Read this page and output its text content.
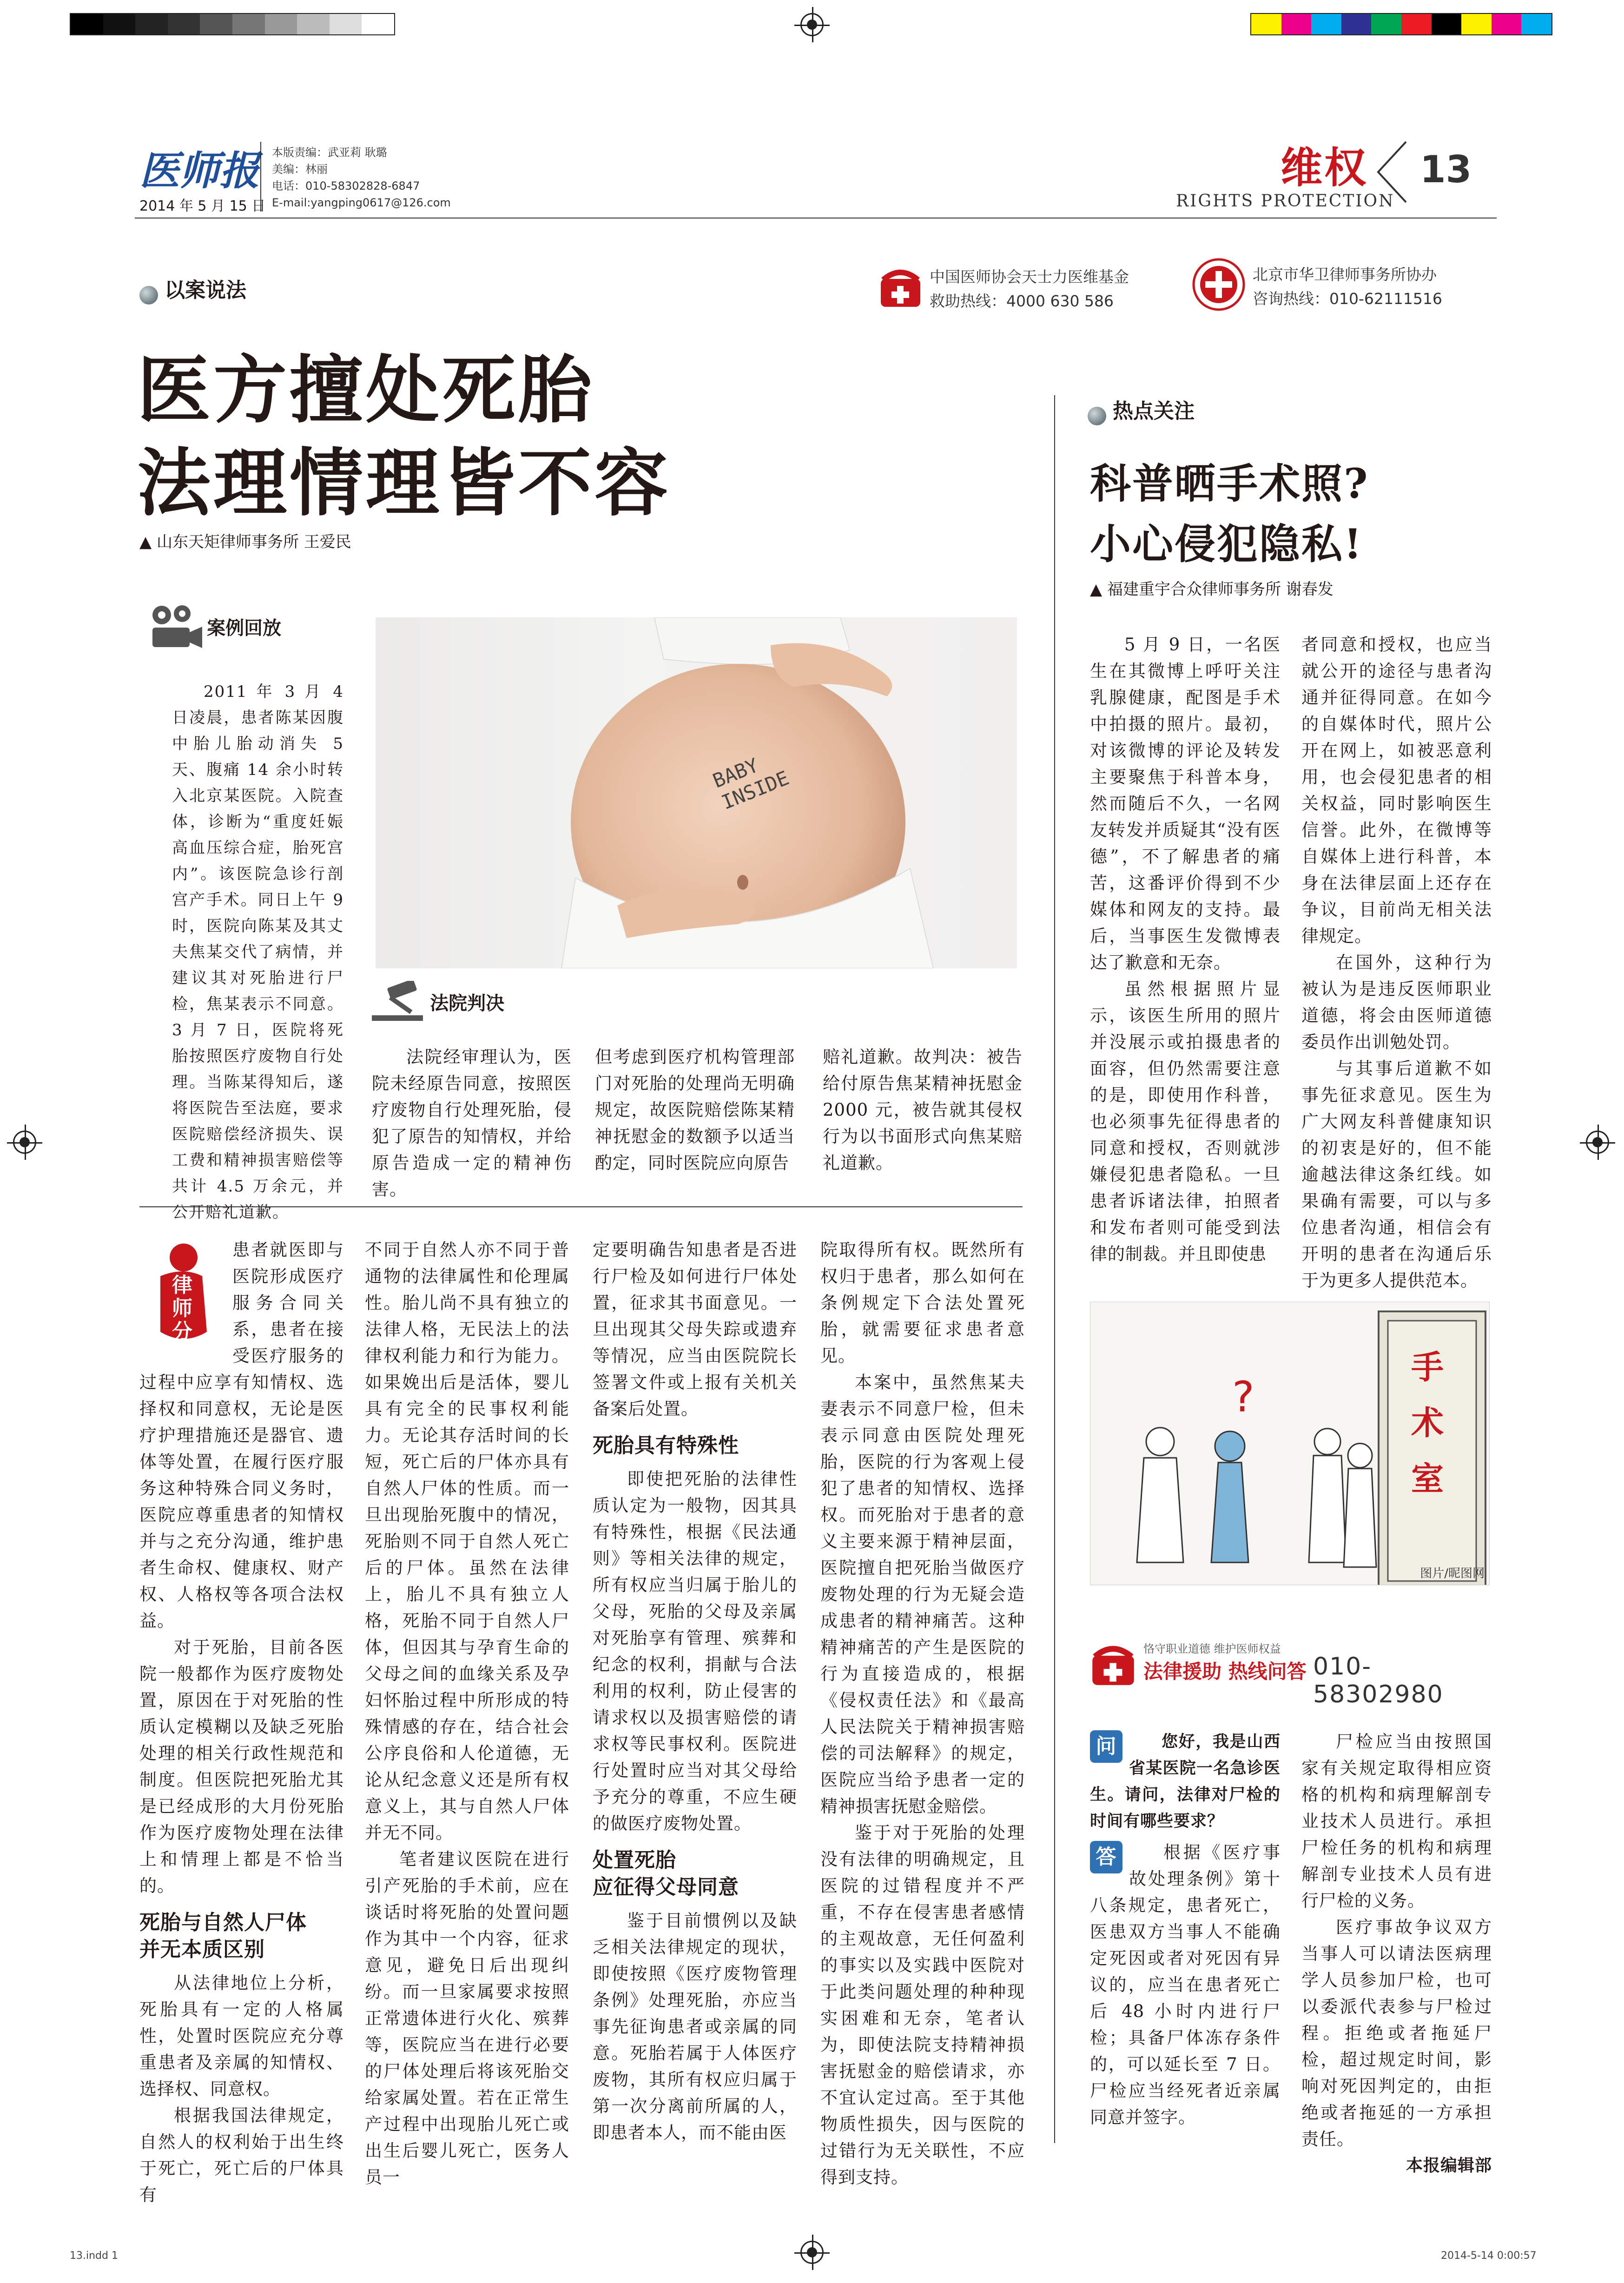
医师报
2014 年 5 月 15 日
本版责编：武亚莉 耿璐
美编：林丽
电话：010-58302828-6847
E-mail:yangping0617@126.com
维权 13
RIGHTS PROTECTION
以案说法
中国医师协会天士力医维基金
救助热线：4000 630 586
北京市华卫律师事务所协办
咨询热线：010-62111516
医方擅处死胎
法理情理皆不容
▲ 山东天矩律师事务所 王爱民
案例回放

2011 年 3 月 4 日凌晨，患者陈某因腹中胎儿胎动消失 5 天、腹痛 14 余小时转入北京某医院。入院查体，诊断为“重度妊娠高血压综合症，胎死宫内”。该医院急诊行剖宫产手术。同日上午 9 时，医院向陈某及其丈夫焦某交代了病情，并建议其对死胎进行尸检，焦某表示不同意。3 月 7 日，医院将死胎按照医疗废物自行处理。当陈某得知后，遂将医院告至法庭，要求医院赔偿经济损失、误工费和精神损害赔偿等共计 4.5 万余元，并公开赔礼道歉。

BABY INSIDE
法院判决

法院经审理认为，医院未经原告同意，按照医疗废物自行处理死胎，侵犯了原告的知情权，并给原告造成一定的精神伤害。

但考虑到医疗机构管理部门对死胎的处理尚无明确规定，故医院赔偿陈某精神抚慰金的数额予以适当酌定，同时医院应向原告

赔礼道歉。故判决：被告给付原告焦某精神抚慰金 2000 元，被告就其侵权行为以书面形式向焦某赔礼道歉。

律师分析

患者就医即与医院形成医疗服务合同关系，患者在接受医疗服务的过程中应享有知情权、选择权和同意权，无论是医疗护理措施还是器官、遗体等处置，在履行医疗服务这种特殊合同义务时，医院应尊重患者的知情权并与之充分沟通，维护患者生命权、健康权、财产权、人格权等各项合法权益。

对于死胎，目前各医院一般都作为医疗废物处置，原因在于对死胎的性质认定模糊以及缺乏死胎处理的相关行政性规范和制度。但医院把死胎尤其是已经成形的大月份死胎作为医疗废物处理在法律上和情理上都是不恰当的。

死胎与自然人尸体
并无本质区别

从法律地位上分析，死胎具有一定的人格属性，处置时医院应充分尊重患者及亲属的知情权、选择权、同意权。

根据我国法律规定，自然人的权利始于出生终于死亡，死亡后的尸体具有

不同于自然人亦不同于普通物的法律属性和伦理属性。胎儿尚不具有独立的法律人格，无民法上的法律权利能力和行为能力。如果娩出后是活体，婴儿具有完全的民事权利能力。无论其存活时间的长短，死亡后的尸体亦具有自然人尸体的性质。而一旦出现胎死腹中的情况，死胎则不同于自然人死亡后的尸体。虽然在法律上，胎儿不具有独立人格，死胎不同于自然人尸体，但因其与孕育生命的父母之间的血缘关系及孕妇怀胎过程中所形成的特殊情感的存在，结合社会公序良俗和人伦道德，无论从纪念意义还是所有权意义上，其与自然人尸体并无不同。

笔者建议医院在进行引产死胎的手术前，应在谈话时将死胎的处置问题作为其中一个内容，征求意见，避免日后出现纠纷。而一旦家属要求按照正常遗体进行火化、殡葬等，医院应当在进行必要的尸体处理后将该死胎交给家属处置。若在正常生产过程中出现胎儿死亡或出生后婴儿死亡，医务人员一

定要明确告知患者是否进行尸检及如何进行尸体处置，征求其书面意见。一旦出现其父母失踪或遗弃等情况，应当由医院院长签署文件或上报有关机关备案后处置。

死胎具有特殊性

即使把死胎的法律性质认定为一般物，因其具有特殊性，根据《民法通则》等相关法律的规定，所有权应当归属于胎儿的父母，死胎的父母及亲属对死胎享有管理、殡葬和纪念的权利，捐献与合法利用的权利，防止侵害的请求权以及损害赔偿的请求权等民事权利。医院进行处置时应当对其父母给予充分的尊重，不应生硬的做医疗废物处置。

处置死胎
应征得父母同意

鉴于目前惯例以及缺乏相关法律规定的现状，即使按照《医疗废物管理条例》处理死胎，亦应当事先征询患者或亲属的同意。死胎若属于人体医疗废物，其所有权应归属于第一次分离前所属的人，即患者本人，而不能由医

院取得所有权。既然所有权归于患者，那么如何在条例规定下合法处置死胎，就需要征求患者意见。

本案中，虽然焦某夫妻表示不同意尸检，但未表示同意由医院处理死胎，医院的行为客观上侵犯了患者的知情权、选择权。而死胎对于患者的意义主要来源于精神层面，医院擅自把死胎当做医疗废物处理的行为无疑会造成患者的精神痛苦。这种精神痛苦的产生是医院的行为直接造成的，根据《侵权责任法》和《最高人民法院关于精神损害赔偿的司法解释》的规定，医院应当给予患者一定的精神损害抚慰金赔偿。

鉴于对于死胎的处理没有法律的明确规定，且医院的过错程度并不严重，不存在侵害患者感情的主观故意，无任何盈利的事实以及实践中医院对于此类问题处理的种种现实困难和无奈，笔者认为，即使法院支持精神损害抚慰金的赔偿请求，亦不宜认定过高。至于其他物质性损失，因与医院的过错行为无关联性，不应得到支持。

热点关注
科普晒手术照?
小心侵犯隐私!
▲ 福建重宇合众律师事务所 谢春发

5 月 9 日，一名医生在其微博上呼吁关注乳腺健康，配图是手术中拍摄的照片。最初，对该微博的评论及转发主要聚焦于科普本身，然而随后不久，一名网友转发并质疑其“没有医德”，不了解患者的痛苦，这番评价得到不少媒体和网友的支持。最后，当事医生发微博表达了歉意和无奈。

虽然根据照片显示，该医生所用的照片并没展示或拍摄患者的面容，但仍然需要注意的是，即使用作科普，也必须事先征得患者的同意和授权，否则就涉嫌侵犯患者隐私。一旦患者诉诸法律，拍照者和发布者则可能受到法律的制裁。并且即使患

者同意和授权，也应当就公开的途径与患者沟通并征得同意。在如今的自媒体时代，照片公开在网上，如被恶意利用，也会侵犯患者的相关权益，同时影响医生信誉。此外，在微博等自媒体上进行科普，本身在法律层面上还存在争议，目前尚无相关法律规定。

在国外，这种行为被认为是违反医师职业道德，将会由医师道德委员作出训勉处罚。

与其事后道歉不如事先征求意见。医生为广大网友科普健康知识的初衷是好的，但不能逾越法律这条红线。如果确有需要，可以与多位患者沟通，相信会有开明的患者在沟通后乐于为更多人提供范本。

?
手术室
图片/昵图网
恪守职业道德 维护医师权益
法律援助 热线问答 010-58302980
问	您好，我是山西省某医院一名急诊医生。请问，法律对尸检的时间有哪些要求？

答	根据《医疗事故处理条例》第十八条规定，患者死亡，医患双方当事人不能确定死因或者对死因有异议的，应当在患者死亡后 48 小时内进行尸检；具备尸体冻存条件的，可以延长至 7 日。尸检应当经死者近亲属同意并签字。

尸检应当由按照国家有关规定取得相应资格的机构和病理解剖专业技术人员进行。承担尸检任务的机构和病理解剖专业技术人员有进行尸检的义务。

医疗事故争议双方当事人可以请法医病理学人员参加尸检，也可以委派代表参与尸检过程。拒绝或者拖延尸检，超过规定时间，影响对死因判定的，由拒绝或者拖延的一方承担责任。

本报编辑部
13.indd 1	2014-5-14 0:00:57
